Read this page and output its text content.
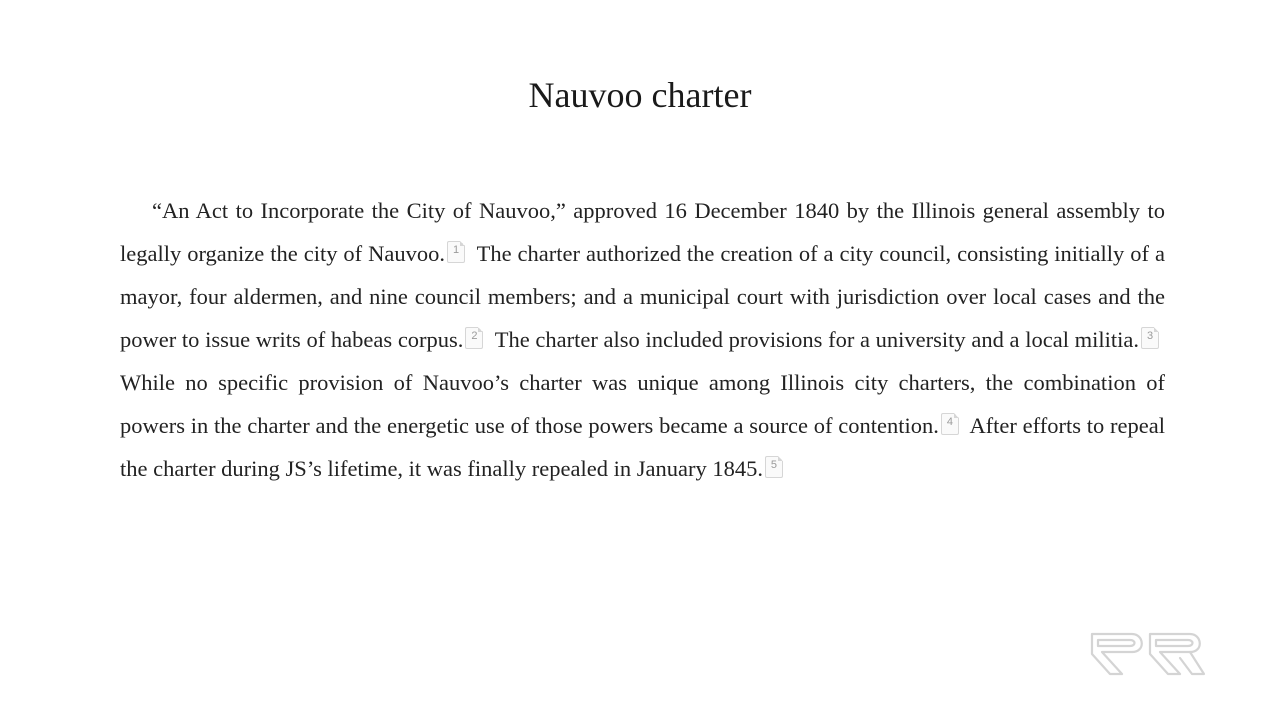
Nauvoo charter

“An Act to Incorporate the City of Nauvoo,” approved 16 December 1840 by the Illinois general assembly to legally organize the city of Nauvoo. 1 The charter authorized the creation of a city council, consisting initially of a mayor, four aldermen, and nine council members; and a municipal court with jurisdiction over local cases and the power to issue writs of habeas corpus. 2 The charter also included provisions for a university and a local militia. 3 While no specific provision of Nauvoo’s charter was unique among Illinois city charters, the combination of powers in the charter and the energetic use of those powers became a source of contention. 4 After efforts to repeal the charter during JS’s lifetime, it was finally repealed in January 1845. 5
